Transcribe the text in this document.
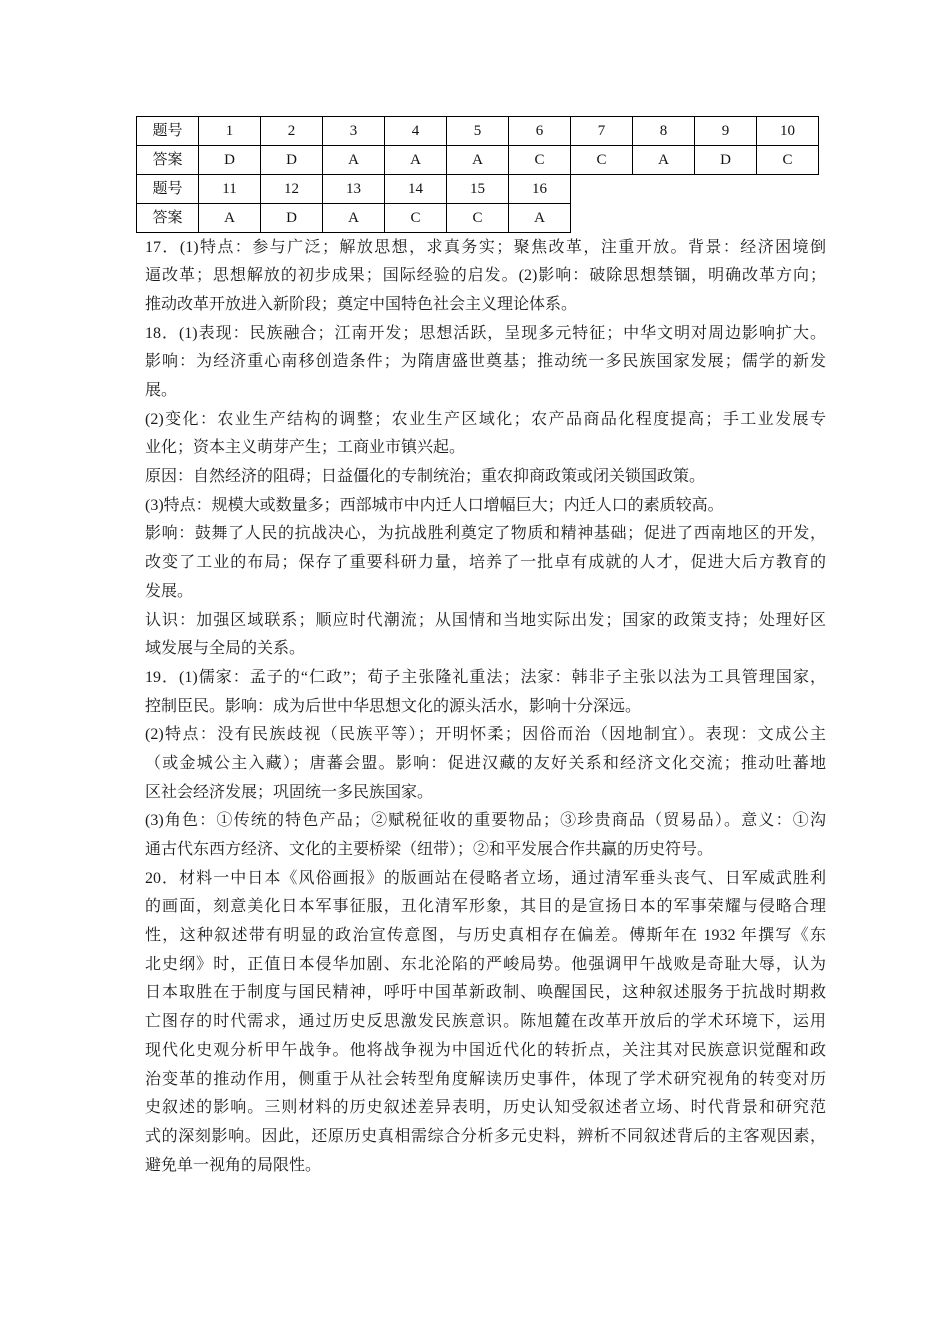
题号	1	2	3	4	5	6	7	8	9	10
答案	D	D	A	A	A	C	C	A	D	C
题号	11	12	13	14	15	16				
答案	A	D	A	C	C	A				
17．(1)特点：参与广泛；解放思想，求真务实；聚焦改革，注重开放。背景：经济困境倒
逼改革；思想解放的初步成果；国际经验的启发。(2)影响：破除思想禁锢，明确改革方向；
推动改革开放进入新阶段；奠定中国特色社会主义理论体系。
18．(1)表现：民族融合；江南开发；思想活跃，呈现多元特征；中华文明对周边影响扩大。
影响：为经济重心南移创造条件；为隋唐盛世奠基；推动统一多民族国家发展；儒学的新发
展。
(2)变化：农业生产结构的调整；农业生产区域化；农产品商品化程度提高；手工业发展专
业化；资本主义萌芽产生；工商业市镇兴起。
原因：自然经济的阻碍；日益僵化的专制统治；重农抑商政策或闭关锁国政策。
(3)特点：规模大或数量多；西部城市中内迁人口增幅巨大；内迁人口的素质较高。
影响：鼓舞了人民的抗战决心，为抗战胜利奠定了物质和精神基础；促进了西南地区的开发，
改变了工业的布局；保存了重要科研力量，培养了一批卓有成就的人才，促进大后方教育的
发展。
认识：加强区域联系；顺应时代潮流；从国情和当地实际出发；国家的政策支持；处理好区
域发展与全局的关系。
19．(1)儒家：孟子的“仁政”；荀子主张隆礼重法；法家：韩非子主张以法为工具管理国家，
控制臣民。影响：成为后世中华思想文化的源头活水，影响十分深远。
(2)特点：没有民族歧视（民族平等）；开明怀柔；因俗而治（因地制宜）。表现：文成公主
（或金城公主入藏）；唐蕃会盟。影响：促进汉藏的友好关系和经济文化交流；推动吐蕃地
区社会经济发展；巩固统一多民族国家。
(3)角色：①传统的特色产品；②赋税征收的重要物品；③珍贵商品（贸易品）。意义：①沟
通古代东西方经济、文化的主要桥梁（纽带）；②和平发展合作共赢的历史符号。
20．材料一中日本《风俗画报》的版画站在侵略者立场，通过清军垂头丧气、日军威武胜利
的画面，刻意美化日本军事征服，丑化清军形象，其目的是宣扬日本的军事荣耀与侵略合理
性，这种叙述带有明显的政治宣传意图，与历史真相存在偏差。傅斯年在 1932 年撰写《东
北史纲》时，正值日本侵华加剧、东北沦陷的严峻局势。他强调甲午战败是奇耻大辱，认为
日本取胜在于制度与国民精神，呼吁中国革新政制、唤醒国民，这种叙述服务于抗战时期救
亡图存的时代需求，通过历史反思激发民族意识。陈旭麓在改革开放后的学术环境下，运用
现代化史观分析甲午战争。他将战争视为中国近代化的转折点，关注其对民族意识觉醒和政
治变革的推动作用，侧重于从社会转型角度解读历史事件，体现了学术研究视角的转变对历
史叙述的影响。三则材料的历史叙述差异表明，历史认知受叙述者立场、时代背景和研究范
式的深刻影响。因此，还原历史真相需综合分析多元史料，辨析不同叙述背后的主客观因素，
避免单一视角的局限性。
